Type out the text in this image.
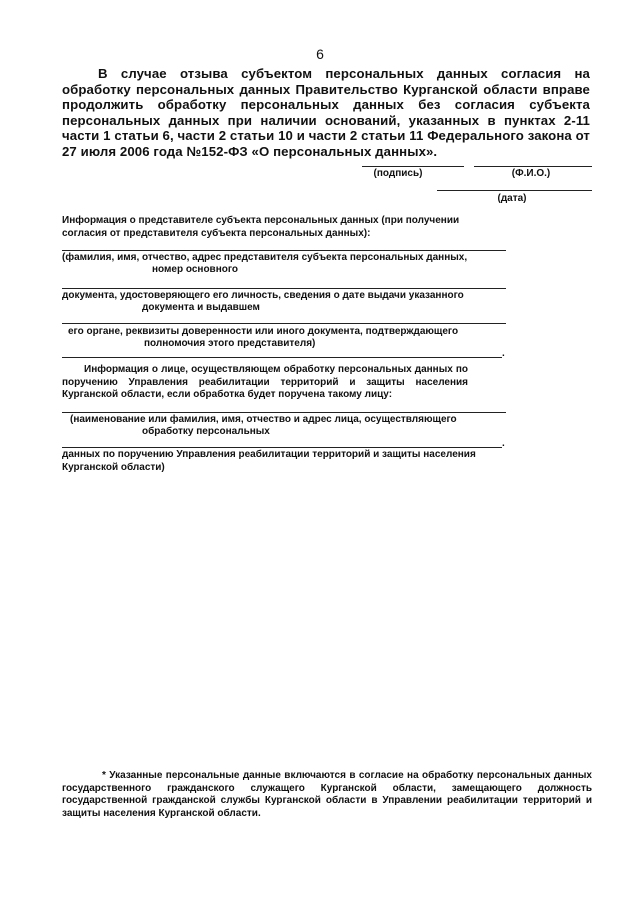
6
В случае отзыва субъектом персональных данных согласия на обработку персональных данных Правительство Курганской области вправе продолжить обработку персональных данных без согласия субъекта персональных данных при наличии оснований, указанных в пунктах 2-11 части 1 статьи 6, части 2 статьи 10 и части 2 статьи 11 Федерального закона от 27 июля 2006 года №152-ФЗ «О персональных данных».
(подпись)	(Ф.И.О.)
(дата)
Информация о представителе субъекта персональных данных (при получении согласия от представителя субъекта персональных данных):
(фамилия, имя, отчество, адрес представителя субъекта персональных данных,
номер основного
документа, удостоверяющего его личность, сведения о дате выдачи указанного
документа и выдавшем
его органе, реквизиты доверенности или иного документа, подтверждающего
полномочия этого представителя)
.
Информация о лице, осуществляющем обработку персональных данных по поручению Управления реабилитации территорий и защиты населения Курганской области, если обработка будет поручена такому лицу:
(наименование или фамилия, имя, отчество и адрес лица, осуществляющего
обработку персональных
.
данных по поручению Управления реабилитации территорий и защиты населения Курганской области)
* Указанные персональные данные включаются в согласие на обработку персональных данных государственного гражданского служащего Курганской области, замещающего должность государственной гражданской службы Курганской области в Управлении реабилитации территорий и защиты населения Курганской области.
